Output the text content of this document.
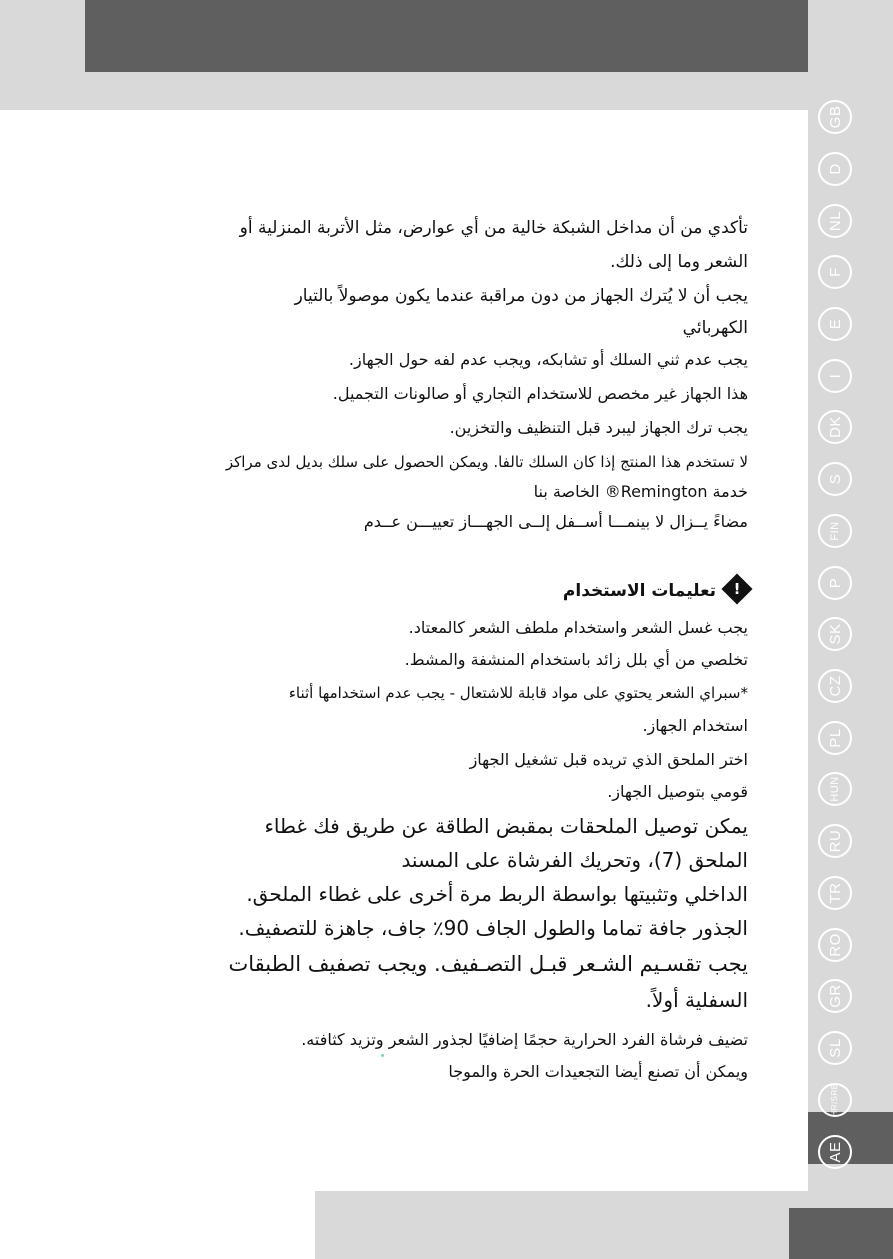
GB
D
NL
F
E
I
DK
S
FIN
P
SK
CZ
PL
HUN
RU
TR
RO
GR
SL
HR/SRB
AE
تأكدي من أن مداخل الشبكة خالية من أي عوارض، مثل الأتربة المنزلية أو
الشعر وما إلى ذلك.
يجب أن لا يُترك الجهاز من دون مراقبة عندما يكون موصولاً بالتيار
الكهربائي
يجب عدم ثني السلك أو تشابكه، ويجب عدم لفه حول الجهاز.
هذا الجهاز غير مخصص للاستخدام التجاري أو صالونات التجميل.
يجب ترك الجهاز ليبرد قبل التنظيف والتخزين.
لا تستخدم هذا المنتج إذا كان السلك تالفا. ويمكن الحصول على سلك بديل لدى مراكز
خدمة Remington® الخاصة بنا
مضاءً يــزال لا بينمـــا أســفل إلــى الجهـــاز تعييـــن عــدم
!
تعليمات الاستخدام
يجب غسل الشعر واستخدام ملطف الشعر كالمعتاد.
تخلصي من أي بلل زائد باستخدام المنشفة والمشط.
*سبراي الشعر يحتوي على مواد قابلة للاشتعال - يجب عدم استخدامها أثناء
استخدام الجهاز.
اختر الملحق الذي تريده قبل تشغيل الجهاز
قومي بتوصيل الجهاز.
يمكن توصيل الملحقات بمقبض الطاقة عن طريق فك غطاء
الملحق (7)، وتحريك الفرشاة على المسند
الداخلي وتثبيتها بواسطة الربط مرة أخرى على غطاء الملحق.
الجذور جافة تماما والطول الجاف 90٪ جاف، جاهزة للتصفيف.
يجب تقسـيم الشـعر قبـل التصـفيف. ويجب تصفيف الطبقات
السفلية أولاً.
تضيف فرشاة الفرد الحرارية حجمًا إضافيًا لجذور الشعر وتزيد كثافته.
ويمكن أن تصنع أيضا التجعيدات الحرة والموجا
